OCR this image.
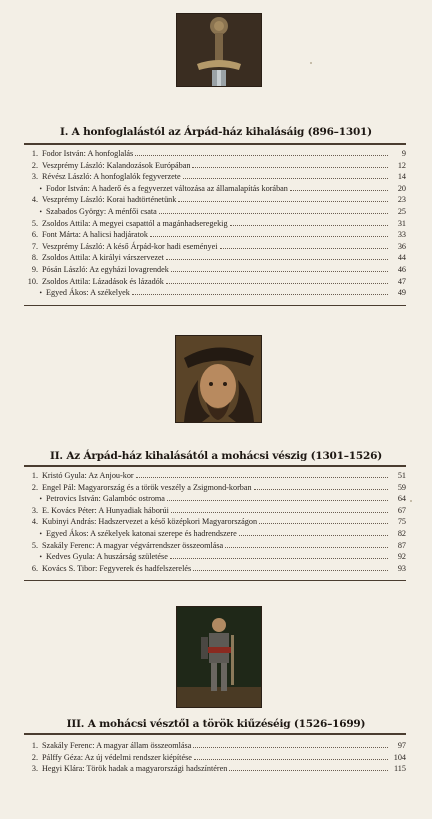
I. A honfoglalástól az Árpád-ház kihalásáig (896–1301)
1. Fodor István: A honfoglalás	9
2. Veszprémy László: Kalandozások Európában	12
3. Révész László: A honfoglalók fegyverzete	14
• Fodor István: A haderő és a fegyverzet változása az államalapítás korában	20
4. Veszprémy László: Korai hadtörténetünk	23
• Szabados György: A ménfői csata	25
5. Zsoldos Attila: A megyei csapattól a magánhadseregekig	31
6. Font Márta: A halicsi hadjáratok	33
7. Veszprémy László: A késő Árpád-kor hadi eseményei	36
8. Zsoldos Attila: A királyi várszervezet	44
9. Pósán László: Az egyházi lovagrendek	46
10. Zsoldos Attila: Lázadások és lázadók	47
• Egyed Ákos: A székelyek	49
II. Az Árpád-ház kihalásától a mohácsi vészig (1301–1526)
1. Kristó Gyula: Az Anjou-kor	51
2. Engel Pál: Magyarország és a török veszély a Zsigmond-korban	59
• Petrovics István: Galambóc ostroma	64
3. E. Kovács Péter: A Hunyadiak háborúi	67
4. Kubinyi András: Hadszervezet a késő középkori Magyarországon	75
• Egyed Ákos: A székelyek katonai szerepe és hadrendszere	82
5. Szakály Ferenc: A magyar végvárrendszer összeomlása	87
• Kedves Gyula: A huszárság születése	92
6. Kovács S. Tibor: Fegyverek és hadfelszerelés	93
III. A mohácsi vésztől a török kiűzéséig (1526–1699)
1. Szakály Ferenc: A magyar állam összeomlása	97
2. Pálffy Géza: Az új védelmi rendszer kiépítése	104
3. Hegyi Klára: Török hadak a magyarországi hadszíntéren	115
